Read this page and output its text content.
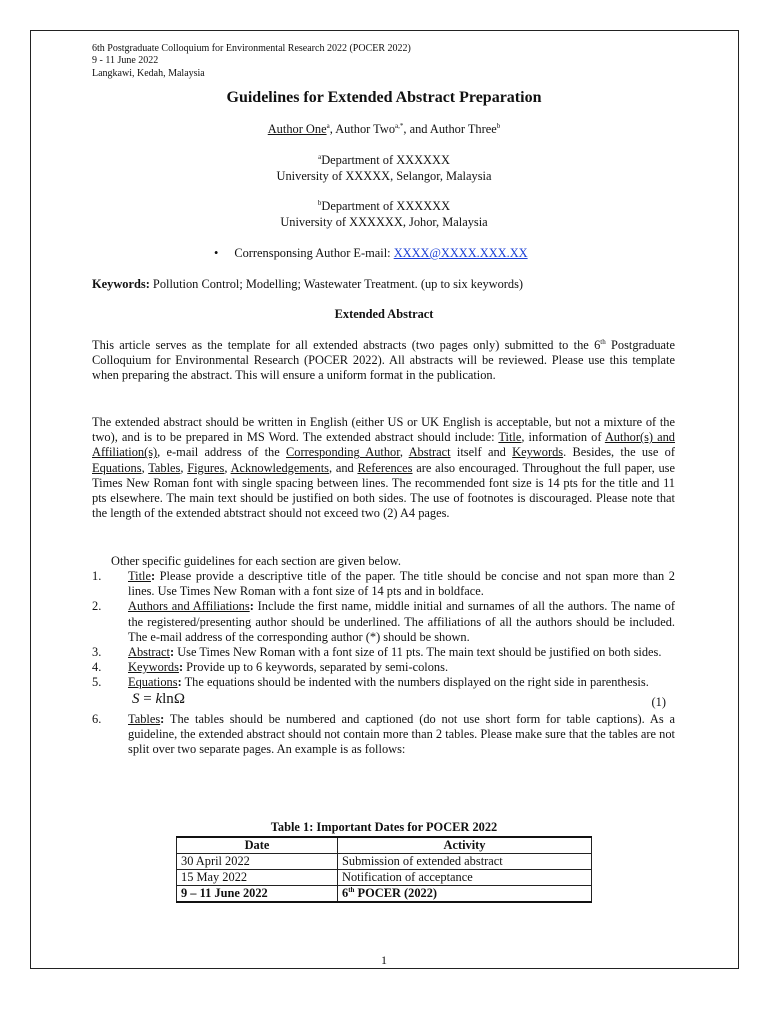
6th Postgraduate Colloquium for Environmental Research 2022 (POCER 2022)
9 - 11 June 2022
Langkawi, Kedah, Malaysia
Guidelines for Extended Abstract Preparation
Author One$^a$, Author Two$^{a,*}$, and Author Three$^b$
$^a$Department of XXXXXX
University of XXXXX, Selangor, Malaysia
$^b$Department of XXXXXX
University of XXXXXX, Johor, Malaysia
• Corrensponsing Author E-mail: XXXX@XXXX.XXX.XX
Keywords: Pollution Control; Modelling; Wastewater Treatment. (up to six keywords)
Extended Abstract

This article serves as the template for all extended abstracts (two pages only) submitted to the 6th Postgraduate Colloquium for Environmental Research (POCER 2022). All abstracts will be reviewed. Please use this template when preparing the abstract. This will ensure a uniform format in the publication.

The extended abstract should be written in English (either US or UK English is acceptable, but not a mixture of the two), and is to be prepared in MS Word. The extended abstract should include: Title, information of Author(s) and Affiliation(s), e-mail address of the Corresponding Author, Abstract itself and Keywords. Besides, the use of Equations, Tables, Figures, Acknowledgements, and References are also encouraged. Throughout the full paper, use Times New Roman font with single spacing between lines. The recommended font size is 14 pts for the title and 11 pts elsewhere. The main text should be justified on both sides. The use of footnotes is discouraged. Please note that the length of the extended abtstract should not exceed two (2) A4 pages.

Other specific guidelines for each section are given below.
1.	Title: Please provide a descriptive title of the paper. The title should be concise and not span more than 2 lines. Use Times New Roman with a font size of 14 pts and in boldface.
2.	Authors and Affiliations: Include the first name, middle initial and surnames of all the authors. The name of the registered/presenting author should be underlined. The affiliations of all the authors should be included. The e-mail address of the corresponding author (*) should be shown.
3.	Abstract: Use Times New Roman with a font size of 11 pts. The main text should be justified on both sides.
4.	Keywords: Provide up to 6 keywords, separated by semi-colons.
5.	Equations: The equations should be indented with the numbers displayed on the right side in parenthesis.
S = klnΩ	(1)
6.	Tables: The tables should be numbered and captioned (do not use short form for table captions). As a guideline, the extended abstract should not contain more than 2 tables. Please make sure that the tables are not split over two separate pages. An example is as follows:
Table 1: Important Dates for POCER 2022
Date	Activity
30 April 2022	Submission of extended abstract
15 May 2022	Notification of acceptance
9 – 11 June 2022	6th POCER (2022)
1
